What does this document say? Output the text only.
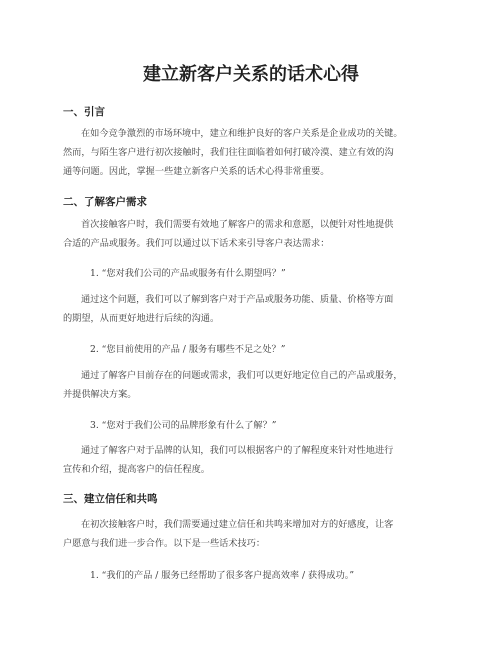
建立新客户关系的话术心得
一、引言

在如今竞争激烈的市场环境中，建立和维护良好的客户关系是企业成功的关键。
然而，与陌生客户进行初次接触时，我们往往面临着如何打破冷漠、建立有效的沟
通等问题。因此，掌握一些建立新客户关系的话术心得非常重要。

二、了解客户需求

首次接触客户时，我们需要有效地了解客户的需求和意愿，以便针对性地提供
合适的产品或服务。我们可以通过以下话术来引导客户表达需求：

1. “您对我们公司的产品或服务有什么期望吗？”

通过这个问题，我们可以了解到客户对于产品或服务功能、质量、价格等方面
的期望，从而更好地进行后续的沟通。

2. “您目前使用的产品 / 服务有哪些不足之处？”

通过了解客户目前存在的问题或需求，我们可以更好地定位自己的产品或服务，
并提供解决方案。

3. “您对于我们公司的品牌形象有什么了解？”

通过了解客户对于品牌的认知，我们可以根据客户的了解程度来针对性地进行
宣传和介绍，提高客户的信任程度。

三、建立信任和共鸣

在初次接触客户时，我们需要通过建立信任和共鸣来增加对方的好感度，让客
户愿意与我们进一步合作。以下是一些话术技巧：

1. “我们的产品 / 服务已经帮助了很多客户提高效率 / 获得成功。”
